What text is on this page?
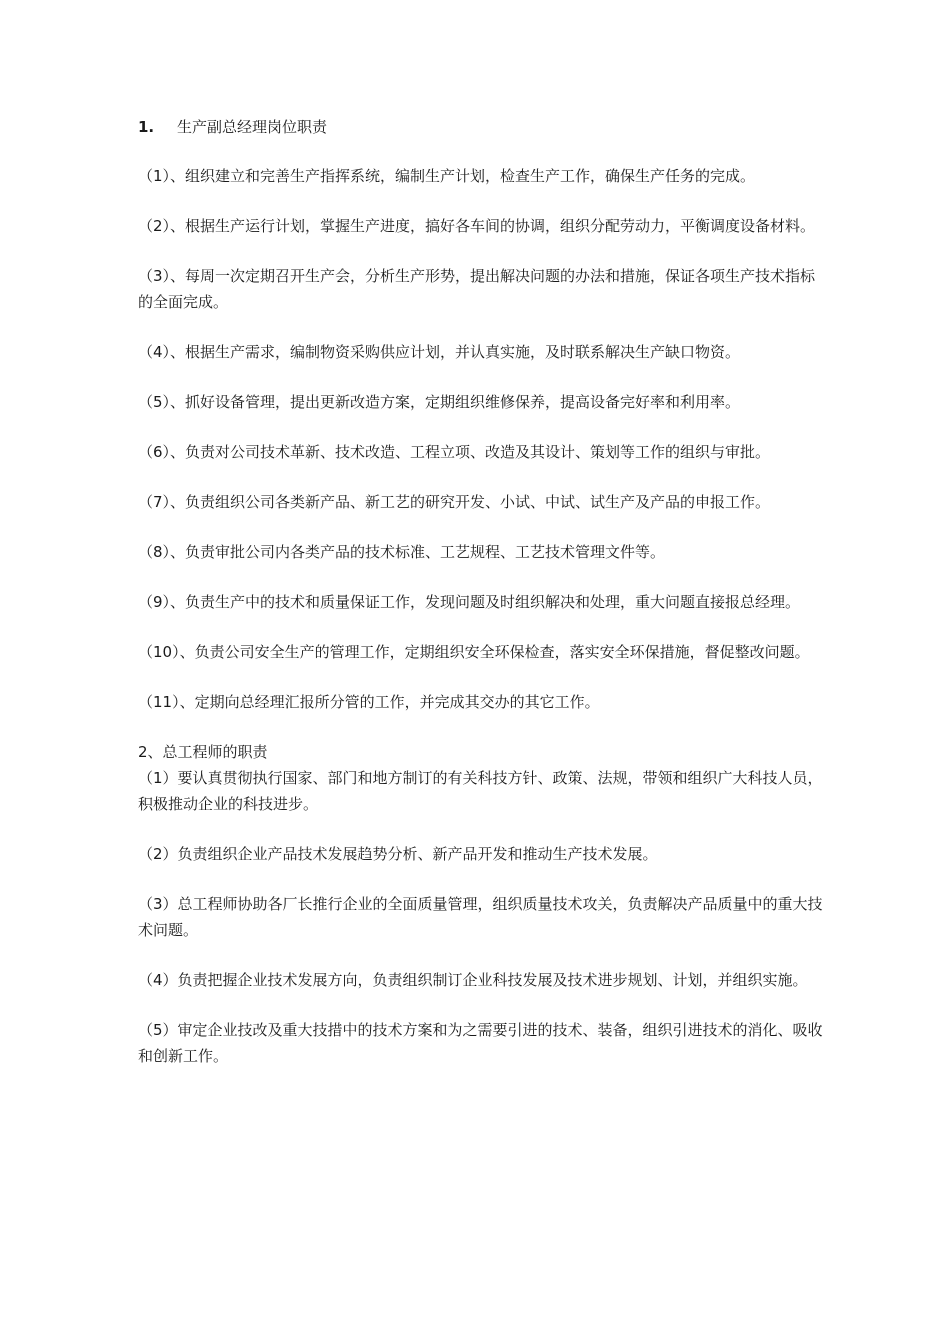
1. 生产副总经理岗位职责

（1）、组织建立和完善生产指挥系统，编制生产计划，检查生产工作，确保生产任务的完成。

（2）、根据生产运行计划，掌握生产进度，搞好各车间的协调，组织分配劳动力，平衡调度设备材料。

（3）、每周一次定期召开生产会，分析生产形势，提出解决问题的办法和措施，保证各项生产技术指标的全面完成。

（4）、根据生产需求，编制物资采购供应计划，并认真实施，及时联系解决生产缺口物资。

（5）、抓好设备管理，提出更新改造方案，定期组织维修保养，提高设备完好率和利用率。

（6）、负责对公司技术革新、技术改造、工程立项、改造及其设计、策划等工作的组织与审批。

（7）、负责组织公司各类新产品、新工艺的研究开发、小试、中试、试生产及产品的申报工作。

（8）、负责审批公司内各类产品的技术标准、工艺规程、工艺技术管理文件等。

（9）、负责生产中的技术和质量保证工作，发现问题及时组织解决和处理，重大问题直接报总经理。

（10）、负责公司安全生产的管理工作，定期组织安全环保检查，落实安全环保措施，督促整改问题。

（11）、定期向总经理汇报所分管的工作，并完成其交办的其它工作。

2、总工程师的职责

（1）要认真贯彻执行国家、部门和地方制订的有关科技方针、政策、法规，带领和组织广大科技人员，积极推动企业的科技进步。

（2）负责组织企业产品技术发展趋势分析、新产品开发和推动生产技术发展。

（3）总工程师协助各厂长推行企业的全面质量管理，组织质量技术攻关，负责解决产品质量中的重大技术问题。

（4）负责把握企业技术发展方向，负责组织制订企业科技发展及技术进步规划、计划，并组织实施。

（5）审定企业技改及重大技措中的技术方案和为之需要引进的技术、装备，组织引进技术的消化、吸收和创新工作。
